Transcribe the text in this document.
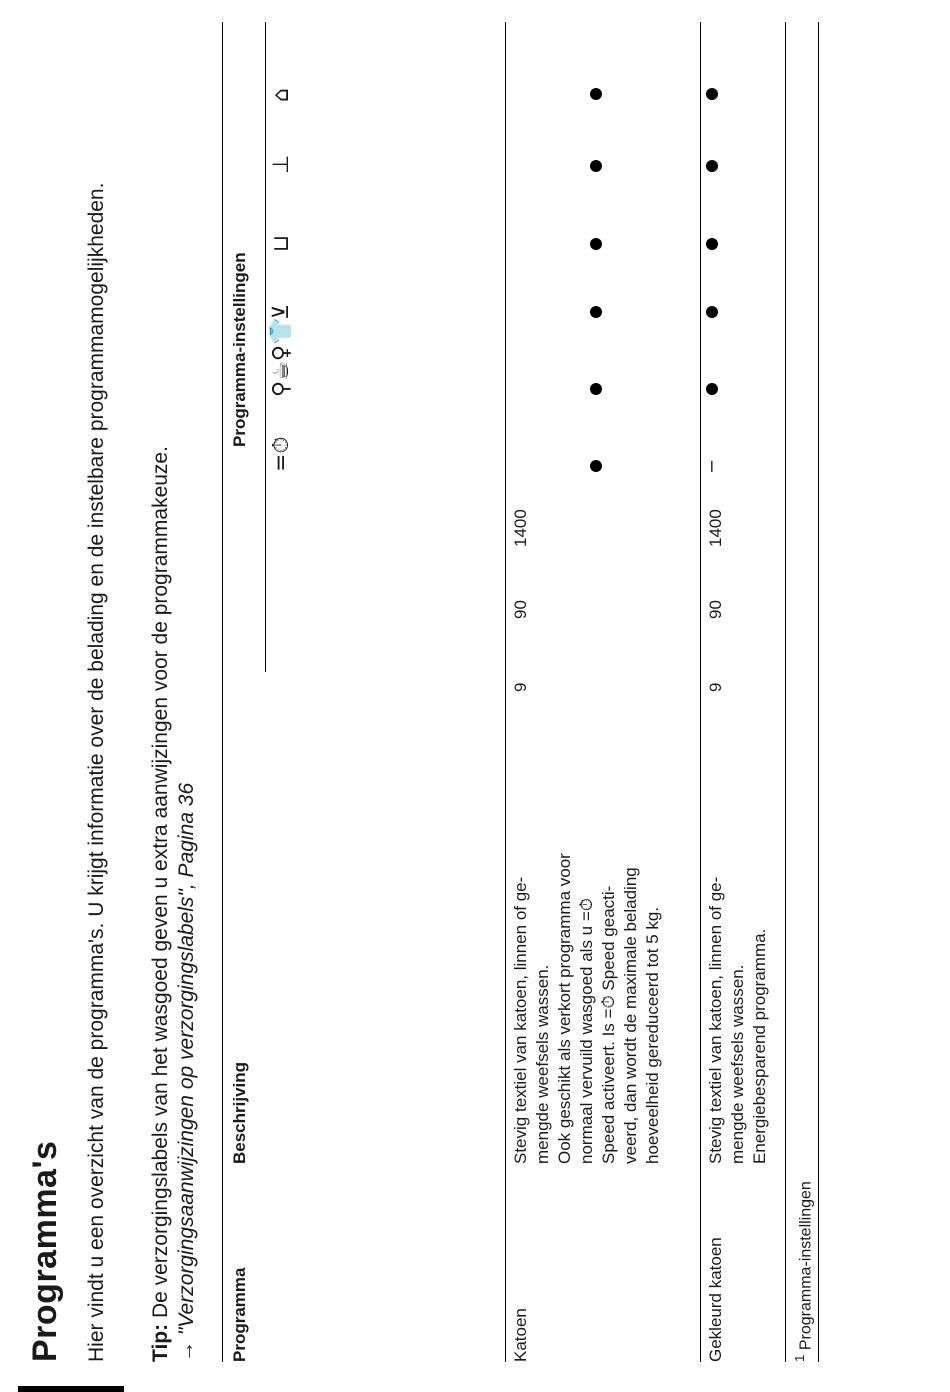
Programma's Hier vindt u een overzicht van de programma's. U krijgt informatie over de belading en de instelbare programmamogelijkheden. Tip: De verzorgingslabels van het wasgoed geven u extra aanwijzingen voor de programmakeuze.
→ "Verzorgingsaanwijzingen op verzorgingslabels", Pagina 36 Programma
Beschrijving
Programma-instellingen
=⏱
⚲☕♀👕
⊻
⊔
⊥
⌂
Katoen
Stevig textiel van katoen, linnen of ge- mengde weefsels wassen. Ook geschikt als verkort programma voor normaal vervuild wasgoed als u =⏱ Speed activeert. Is =⏱ Speed geacti- veerd, dan wordt de maximale belading hoeveelheid gereduceerd tot 5 kg.
9
90
1400
Gekleurd katoen
Stevig textiel van katoen, linnen of ge- mengde weefsels wassen. Energiebesparend programma.
9
90
1400
–
$^1$ Programma-instellingen
